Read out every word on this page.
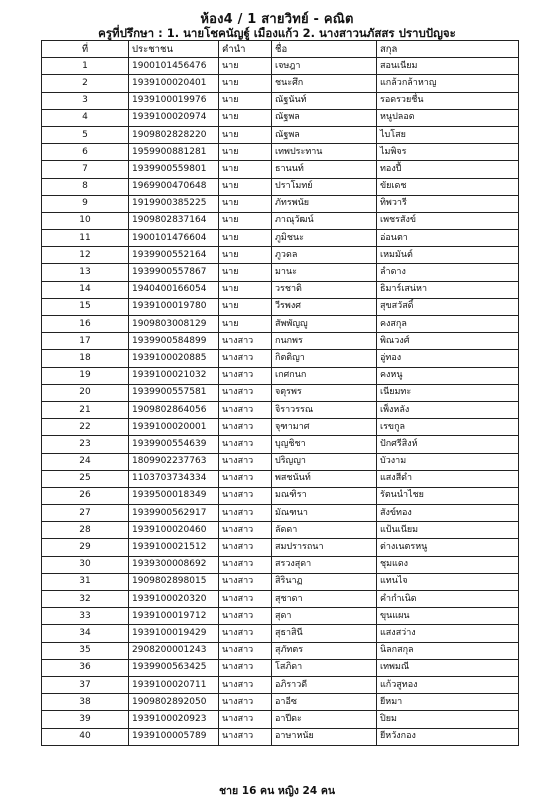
ห้อง4 / 1 สายวิทย์ - คณิต
ครูที่ปรึกษา : 1. นายโชคนัญฐู์ เมืองแก้ว 2. นางสาวนภัสสร ปราบปัญจะ
ที่	ประชาชน	คำนำ	ชื่อ	สกุล
1	1900101456476	นาย	เจษฎา	สอนเนียม
2	1939100020401	นาย	ชนะศึก	แกล้วกล้าหาญ
3	1939100019976	นาย	ณัฐนันท์	รอดรวยชื่น
4	1939100020974	นาย	ณัฐพล	หนูปลอด
5	1909802828220	นาย	ณัฐพล	ไบโสย
6	1959900881281	นาย	เทพประทาน	ไมพิจร
7	1939900559801	นาย	ธานนท์	ทองปี้
8	1969900470648	นาย	ปราโมทย์	ขัยเดช
9	1919900385225	นาย	ภัทรพนัย	ทิพวารี
10	1909802837164	นาย	ภาณุวัฒน์	เพชรสังข์
11	1900101476604	นาย	ภูมิชนะ	อ่อนตา
12	1939900552164	นาย	ภูวดล	เหมมันต์
13	1939900557867	นาย	มานะ	ลำดาง
14	1940400166054	นาย	วรชาติ	ธิมาร์เสน่หา
15	1939100019780	นาย	วีรพงศ	สุขสวัสดิ์
16	1909803008129	นาย	สัพพัญญู	คงสกุล
17	1939900584899	นางสาว	กนกพร	พิณวงศ์
18	1939100020885	นางสาว	กิตติญา	อู่ทอง
19	1939100021032	นางสาว	เกศกนก	คงหนู
20	1939900557581	นางสาว	จตุรพร	เนียมทะ
21	1909802864056	นางสาว	จิราวรรณ	เพ็งหลัง
22	1939100020001	นางสาว	จุฑามาศ	เรขกูล
23	1939900554639	นางสาว	บุญชิชา	ปักศรีสิงห์
24	1809902237763	นางสาว	ปริญญา	บัวงาม
25	1103703734334	นางสาว	พสชนันท์	แสงสีดำ
26	1939500018349	นางสาว	มณฑิรา	รัตนนำไชย
27	1939900562917	นางสาว	มัณฑนา	สังข์ทอง
28	1939100020460	นางสาว	ลัดดา	แป้นเนียม
29	1939100021512	นางสาว	สมปรารถนา	ต่างเนตรหนู
30	1939300008692	นางสาว	สรวงสุดา	ชุมแดง
31	1909802898015	นางสาว	สิรินาฏ	แทนไจ
32	1939100020320	นางสาว	สุชาดา	คำกำเนิด
33	1939100019712	นางสาว	สุดา	ขุนแผน
34	1939100019429	นางสาว	สุธาสินี	แสงสว่าง
35	2908200001243	นางสาว	สุภัทตร	นิลกสกุล
36	1939900563425	นางสาว	โสภิดา	เทพมณี
37	1939100020711	นางสาว	อภิราวดี	แก้วสูทอง
38	1909802892050	นางสาว	อาอีซ	ยีหมา
39	1939100020923	นางสาว	อาปีดะ	ปิยม
40	1939100005789	นางสาว	อาษาหนัย	ยีหวังกอง
ชาย 16 คน หญิง 24 คน
